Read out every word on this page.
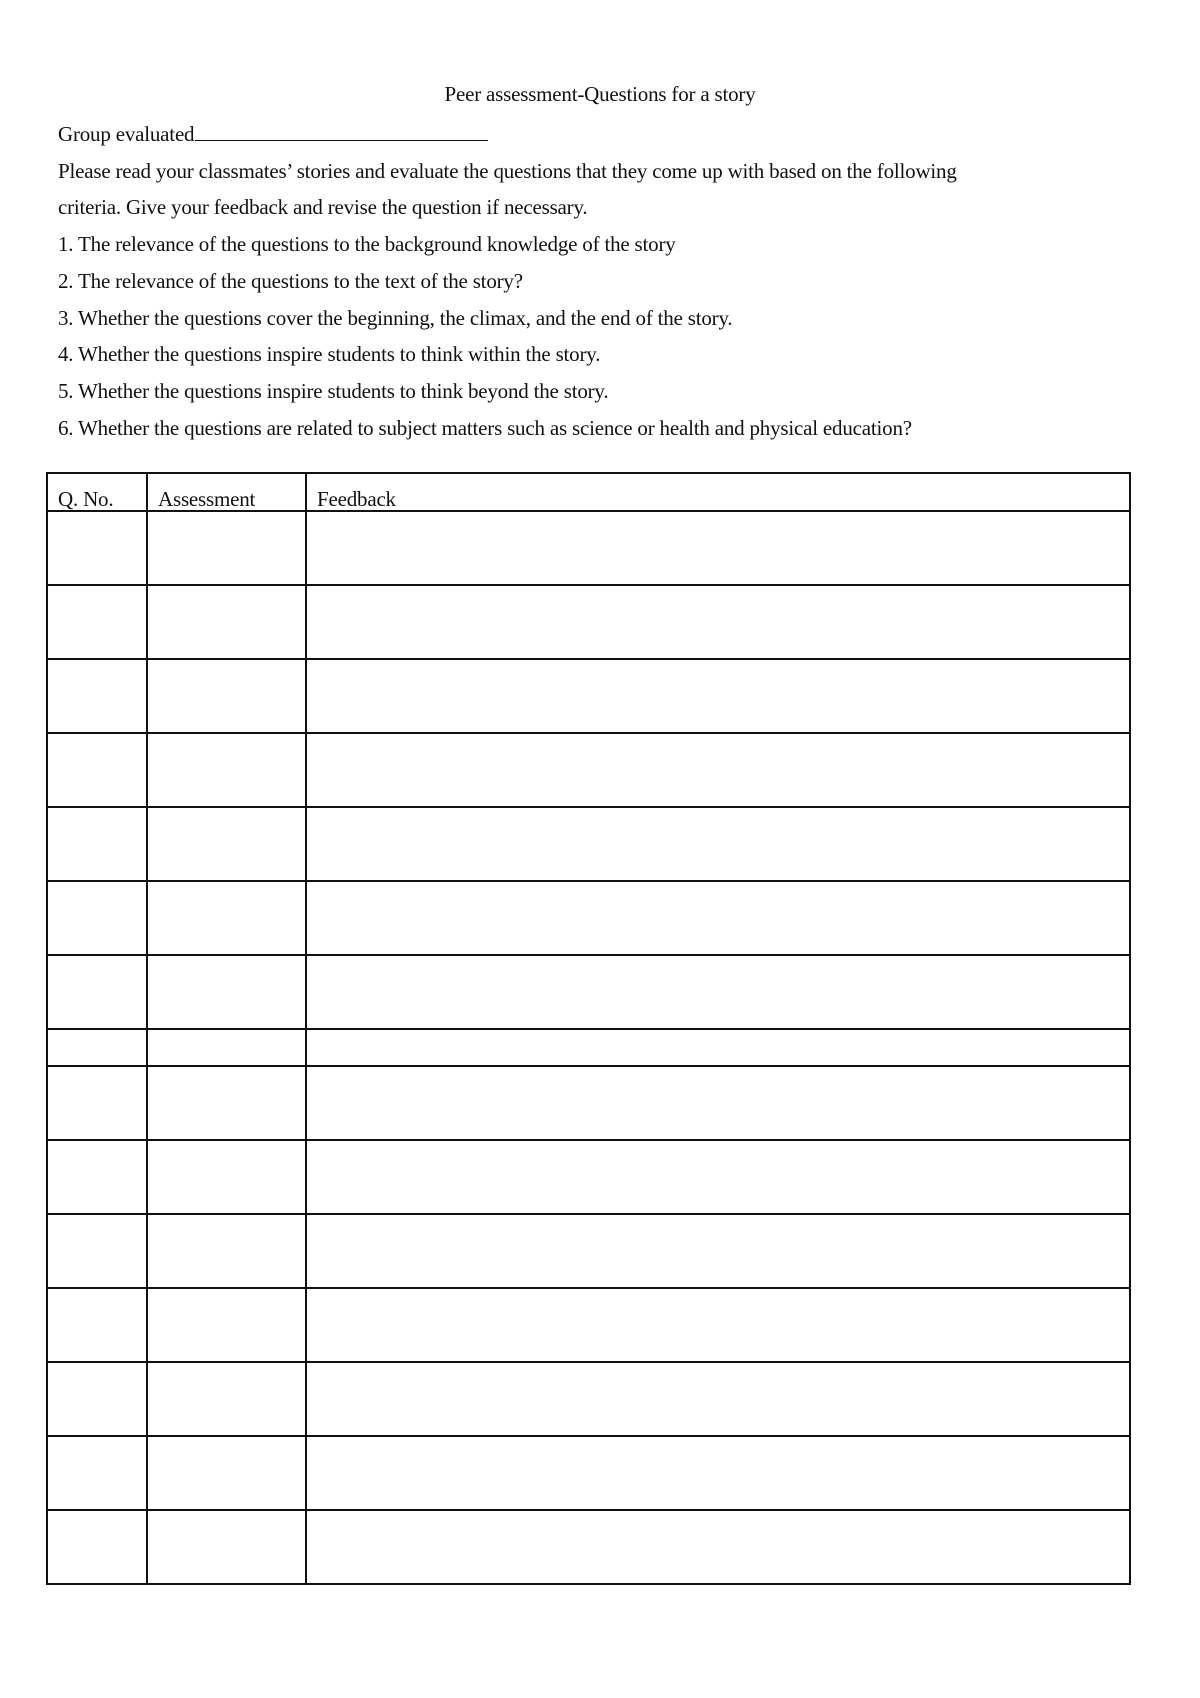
Peer assessment-Questions for a story
Group evaluated
Please read your classmates’ stories and evaluate the questions that they come up with based on the following
criteria. Give your feedback and revise the question if necessary.
1. The relevance of the questions to the background knowledge of the story
2. The relevance of the questions to the text of the story?
3. Whether the questions cover the beginning, the climax, and the end of the story.
4. Whether the questions inspire students to think within the story.
5. Whether the questions inspire students to think beyond the story.
6. Whether the questions are related to subject matters such as science or health and physical education?
Q. No.	Assessment	Feedback
